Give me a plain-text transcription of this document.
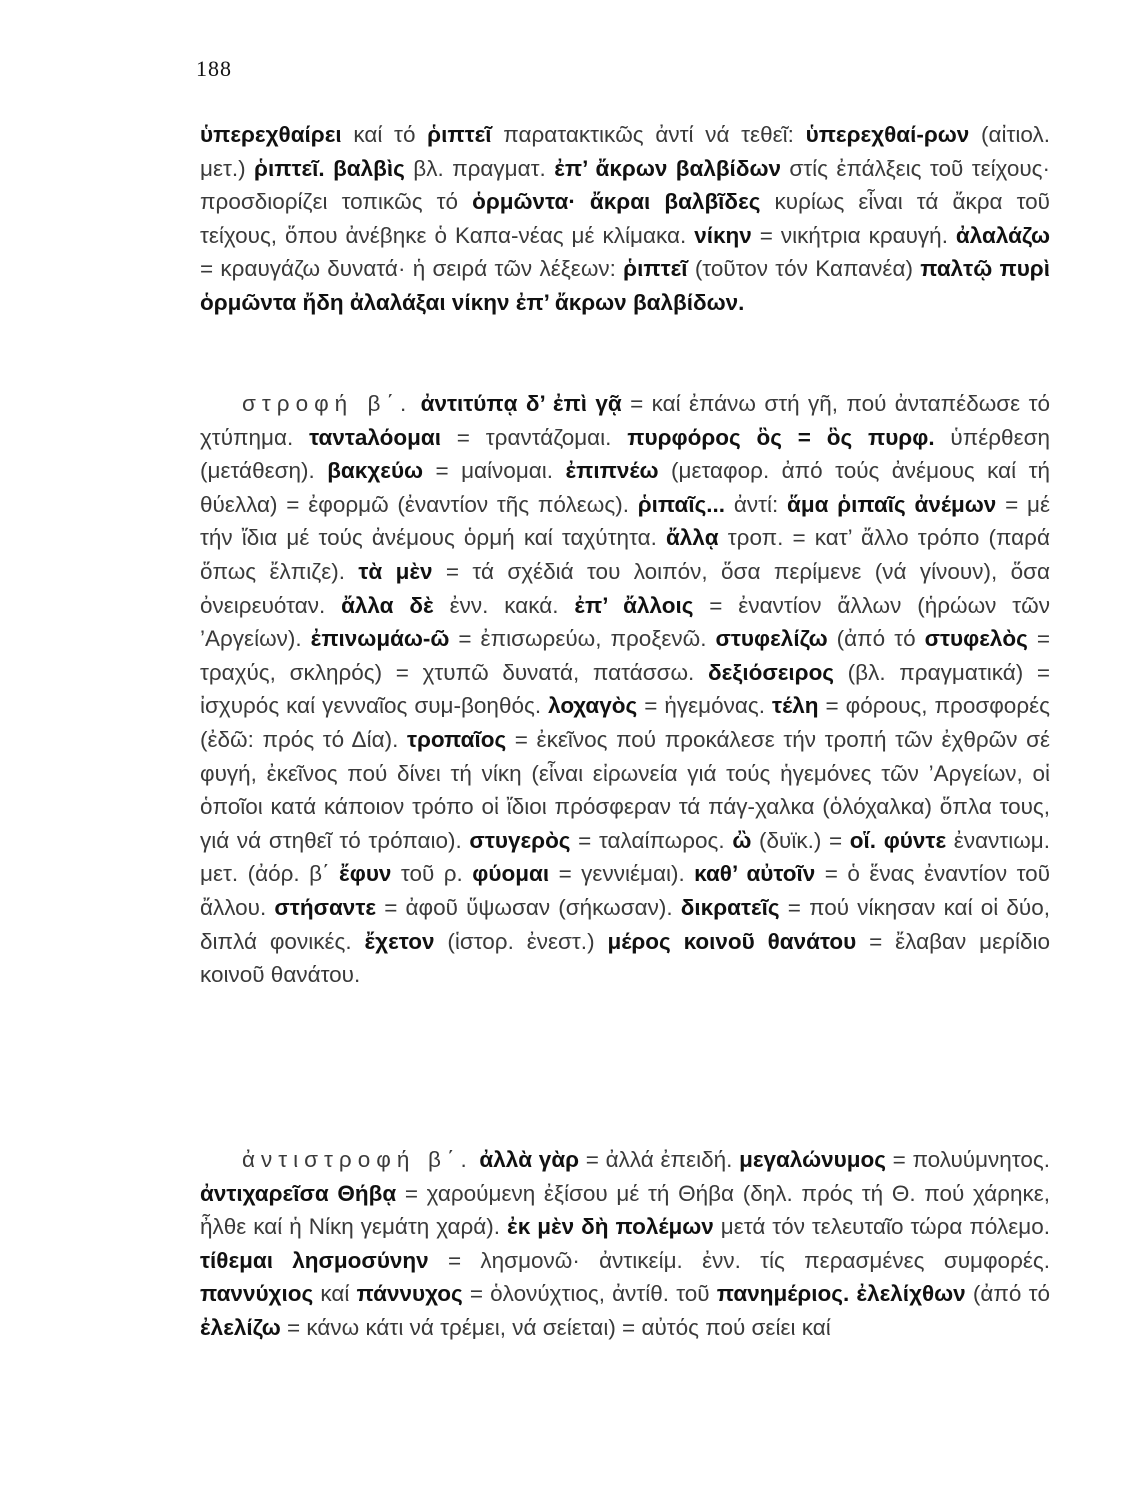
188

ὑπερεχθαίρει καί τό ῥιπτεῖ παρατακτικῶς ἀντί νά τεθεῖ: ὑπερεχθαί-ρων (αἰτιολ. μετ.) ῥιπτεῖ. βαλβὶς βλ. πραγματ. ἐπ’ ἄκρων βαλβίδων στίς ἐπάλξεις τοῦ τείχους· προσδιορίζει τοπικῶς τό ὁρμῶντα· ἄκραι βαλβῖδες κυρίως εἶναι τά ἄκρα τοῦ τείχους, ὅπου ἀνέβηκε ὁ Καπα-νέας μέ κλίμακα. νίκην = νικήτρια κραυγή. ἀλαλάζω = κραυγάζω δυνατά· ἡ σειρά τῶν λέξεων: ῥιπτεῖ (τοῦτον τόν Καπανέα) παλτῷ πυρὶ ὁρμῶντα ἤδη ἀλαλάξαι νίκην ἐπ’ ἄκρων βαλβίδων.

στροφή β΄. ἀντιτύπᾳ δ’ ἐπὶ γᾷ = καί ἐπάνω στή γῆ, πού ἀνταπέδωσε τό χτύπημα. ταντaλόομαι = τραντάζομαι. πυρφόρος ὃς = ὃς πυρφ. ὑπέρθεση (μετάθεση). βακχεύω = μαίνομαι. ἐπιπνέω (μεταφορ. ἀπό τούς ἀνέμους καί τή θύελλα) = ἐφορμῶ (ἐναντίον τῆς πόλεως). ῥιπαῖς... ἀντί: ἅμα ῥιπαῖς ἀνέμων = μέ τήν ἴδια μέ τούς ἀνέμους ὁρμή καί ταχύτητα. ἄλλᾳ τροπ. = κατ’ ἄλλο τρόπο (παρά ὅπως ἔλπιζε). τὰ μὲν = τά σχέδιά του λοιπόν, ὅσα περίμενε (νά γίνουν), ὅσα ὀνειρευόταν. ἄλλα δὲ ἐνν. κακά. ἐπ’ ἄλλοις = ἐναντίον ἄλλων (ἡρώων τῶν ’Αργείων). ἐπινωμάω-ῶ = ἐπισωρεύω, προξενῶ. στυφελίζω (ἀπό τό στυφελὸς = τραχύς, σκληρός) = χτυπῶ δυνατά, πατάσσω. δεξιόσειρος (βλ. πραγματικά) = ἰσχυρός καί γενναῖος συμ-βοηθός. λοχαγὸς = ἡγεμόνας. τέλη = φόρους, προσφορές (ἐδῶ: πρός τό Δία). τροπαῖος = ἐκεῖνος πού προκάλεσε τήν τροπή τῶν ἐχθρῶν σέ φυγή, ἐκεῖνος πού δίνει τή νίκη (εἶναι εἰρωνεία γιά τούς ἡγεμόνες τῶν ’Αργείων, οἱ ὁποῖοι κατά κάποιον τρόπο οἱ ἴδιοι πρόσφεραν τά πάγ-χαλκα (ὁλόχαλκα) ὅπλα τους, γιά νά στηθεῖ τό τρόπαιο). στυγερὸς = ταλαίπωρος. ὢ (δυϊκ.) = οἵ. φύντε ἐναντιωμ. μετ. (ἀόρ. β΄ ἔφυν τοῦ ρ. φύομαι = γεννιέμαι). καθ’ αὐτοῖν = ὁ ἕνας ἐναντίον τοῦ ἄλλου. στήσαντε = ἀφοῦ ὕψωσαν (σήκωσαν). δικρατεῖς = πού νίκησαν καί οἱ δύο, διπλά φονικές. ἔχετον (ἱστορ. ἐνεστ.) μέρος κοινοῦ θανάτου = ἔλαβαν μερίδιο κοινοῦ θανάτου.

ἀντιστροφή β΄. ἀλλὰ γὰρ = ἀλλά ἐπειδή. μεγαλώνυμος = πολυύμνητος. ἀντιχαρεῖσα Θήβᾳ = χαρούμενη ἐξίσου μέ τή Θήβα (δηλ. πρός τή Θ. πού χάρηκε, ἦλθε καί ἡ Νίκη γεμάτη χαρά). ἐκ μὲν δὴ πολέμων μετά τόν τελευταῖο τώρα πόλεμο. τίθεμαι λησμοσύνην = λησμονῶ· ἀντικείμ. ἐνν. τίς περασμένες συμφορές. παννύχιος καί πάννυχος = ὁλονύχτιος, ἀντίθ. τοῦ πανημέριος. ἐλελίχθων (ἀπό τό ἐλελίζω = κάνω κάτι νά τρέμει, νά σείεται) = αὐτός πού σείει καί
